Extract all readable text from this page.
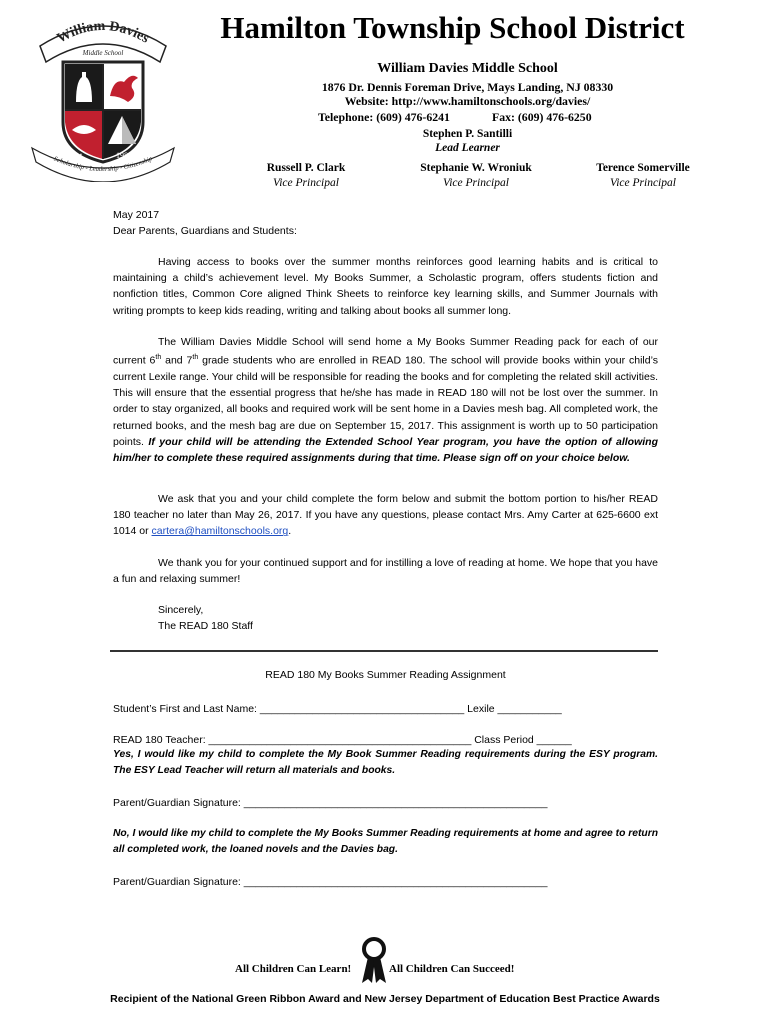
William Davies
Middle School
Est.	1986
Scholarship - Leadership - Citizenship
Hamilton Township School District
William Davies Middle School
1876 Dr. Dennis Foreman Drive, Mays Landing, NJ 08330
Website: http://www.hamiltonschools.org/davies/
Telephone: (609) 476-6241	Fax: (609) 476-6250
Stephen P. Santilli
Lead Learner
Russell P. Clark
Vice Principal
Stephanie W. Wroniuk
Vice Principal
Terence Somerville
Vice Principal
May 2017
Dear Parents, Guardians and Students:

Having access to books over the summer months reinforces good learning habits and is critical to maintaining a child’s achievement level. My Books Summer, a Scholastic program, offers students fiction and nonfiction titles, Common Core aligned Think Sheets to reinforce key learning skills, and Summer Journals with writing prompts to keep kids reading, writing and talking about books all summer long.

The William Davies Middle School will send home a My Books Summer Reading pack for each of our current 6th and 7th grade students who are enrolled in READ 180. The school will provide books within your child’s current Lexile range. Your child will be responsible for reading the books and for completing the related skill activities. This will ensure that the essential progress that he/she has made in READ 180 will not be lost over the summer. In order to stay organized, all books and required work will be sent home in a Davies mesh bag. All completed work, the returned books, and the mesh bag are due on September 15, 2017. This assignment is worth up to 50 participation points. If your child will be attending the Extended School Year program, you have the option of allowing him/her to complete these required assignments during that time. Please sign off on your choice below.

We ask that you and your child complete the form below and submit the bottom portion to his/her READ 180 teacher no later than May 26, 2017. If you have any questions, please contact Mrs. Amy Carter at 625-6600 ext 1014 or cartera@hamiltonschools.org.

We thank you for your continued support and for instilling a love of reading at home. We hope that you have a fun and relaxing summer!

Sincerely,
The READ 180 Staff
READ 180 My Books Summer Reading Assignment
Student’s First and Last Name: ___________________________________ Lexile ___________
READ 180 Teacher: _____________________________________________ Class Period ______
Yes, I would like my child to complete the My Book Summer Reading requirements during the ESY program. The ESY Lead Teacher will return all materials and books.
Parent/Guardian Signature: ____________________________________________________
No, I would like my child to complete the My Books Summer Reading requirements at home and agree to return all completed work, the loaned novels and the Davies bag.
Parent/Guardian Signature: ____________________________________________________
All Children Can Learn!	All Children Can Succeed!
Recipient of the National Green Ribbon Award and New Jersey Department of Education Best Practice Awards
